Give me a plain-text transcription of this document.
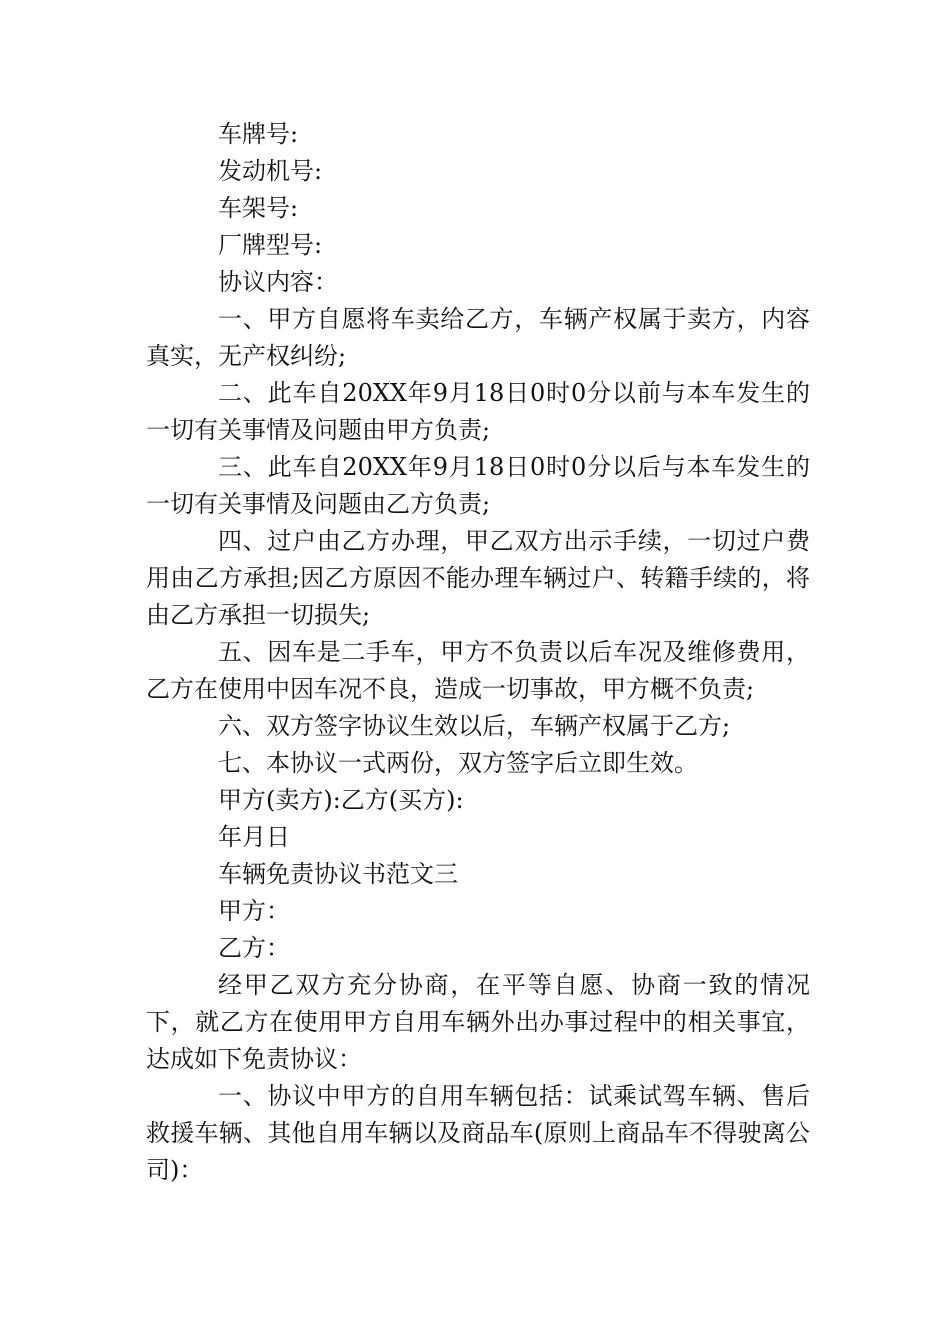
车牌号:

发动机号:

车架号:

厂牌型号:

协议内容：

一、甲方自愿将车卖给乙方，车辆产权属于卖方，内容真实，无产权纠纷;

二、此车自20XX年9月18日0时0分以前与本车发生的一切有关事情及问题由甲方负责;

三、此车自20XX年9月18日0时0分以后与本车发生的一切有关事情及问题由乙方负责;

四、过户由乙方办理，甲乙双方出示手续，一切过户费用由乙方承担;因乙方原因不能办理车辆过户、转籍手续的，将由乙方承担一切损失;

五、因车是二手车，甲方不负责以后车况及维修费用，乙方在使用中因车况不良，造成一切事故，甲方概不负责;

六、双方签字协议生效以后，车辆产权属于乙方;

七、本协议一式两份，双方签字后立即生效。

甲方(卖方):乙方(买方):

年月日

车辆免责协议书范文三

甲方：

乙方：

经甲乙双方充分协商，在平等自愿、协商一致的情况下，就乙方在使用甲方自用车辆外出办事过程中的相关事宜，达成如下免责协议：

一、协议中甲方的自用车辆包括：试乘试驾车辆、售后救援车辆、其他自用车辆以及商品车(原则上商品车不得驶离公司)：
